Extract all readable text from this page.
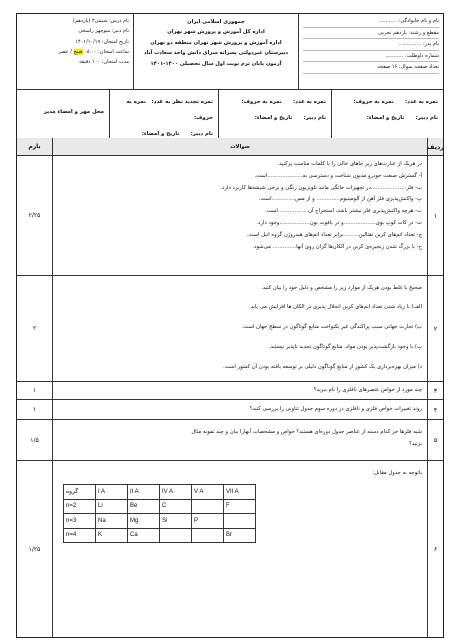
نام و نام خانوادگی: ...........
مقطع و رشته: یازدهم تجربی
نام پدر: ..............
شماره داوطلب: ...........
تعداد صفحه سوال: ۱۶ صفحه
جمهوری اسلامی ایران
اداره کل آموزش و پرورش شهر تهران
اداره آموزش و پرورش شهر تهران منطقه دو تهران
دبیرستان غیردولتی پسرانه سرای دانش واحد سعادت آباد
آزمون پایان ترم نوبت اول سال تحصیلی ۱۴۰۰-۱۴۰۱
نام درس: شیمی۲ (یازدهم)
نام دبیر: منوچهر راسخی
تاریخ امتحان: ۱۴۰۱/۱۰/۱۹
ساعت امتحان: ۰۸:۰۰ صبح / عصر
مدت امتحان: ۱۰۰ دقیقه
نمره به عدد:      نمره به حروف:
نام دبیر:      تاریخ و امضاء:
نمره به عدد:      نمره به حروف:
نام دبیر:      تاریخ و امضاء:
نمره تجدید نظر به عدد:   نمره به حروف:
نام دبیر:      تاریخ و امضاء:
محل مهر و امضاء مدیر
ردیف
سوالات
بارم
۱

در هریک از عبارت‌های زیر جاهای خالی را با کلمات مناسب پرکنید.

آ- گسترش صنعت خودرو مدیون شناخت و دسترسی به.....................است.

ب- فلز.....................در تجهیزات خانگی مانند تلویزیون رنگی و برخی شیشه‌ها کاربرد دارد.

پ- واکنش‌پذیری فلز آهن از آلومینیوم.............. و از مس..............است.

ت- هرچه واکنش‌پذیری فلز بیشتر باشد، استخراج آن..................است.

ث- در کات کوپ بوی...................و در یاقوت بون..................وجود دارد.

چ- تعداد اتم‌های کربن نفتالین.........برابر تعداد اتم‌های هیدروژن گروه اتیل است.

ح- با بزرگ شدن زنجیره‌ی کربن در آلکان‌ها گران روی آنها.............. می‌شود.

۲/۲۵
۲

صحیح یا غلط بودن هریک از موارد زیر را مشخص و دلیل خود را بیان کنید.

الف) با زیاد شدن تعداد اتم‌های کربن انحلال پذیری در الکان ها افزایش می یابد.

ب) تجارت جهانی سبب پراکندگی غیر یکنواخت منابع گوناگون در سطح جهان است.

پ) با وجود بازگشت‌پذیر بودن مواد، منابع گوناگون تجدید ناپذیر نیستند.

د) میزان بهره‌برداری یک کشور از منابع گوناگون دلیلی بر توسعه یافته بودن آن کشور است.

۲
۳
چند مورد از خواص عنصرهای نافلزی را نام ببرید؟
۱
۴
روند تغییرات خواص فلزی و نافلزی در دوره سوم جدول تناوبی را بررسی کنید؟
۱
۵

شبه فلزها جز کدام دسته از عناصر جدول دوره‌ای هستند؟ خواص و مشخصات آنهارا بیان و چند نمونه مثال

بزنید؟

۱/۵
۶

باتوجه به جدول مقابل:

گروه	I A	II A	IV A	V A	VII A
n=2	Li	Be	C		F
n=3	Na	Mg	Si	P	
n=4	K	Ca			Br
۱/۲۵
